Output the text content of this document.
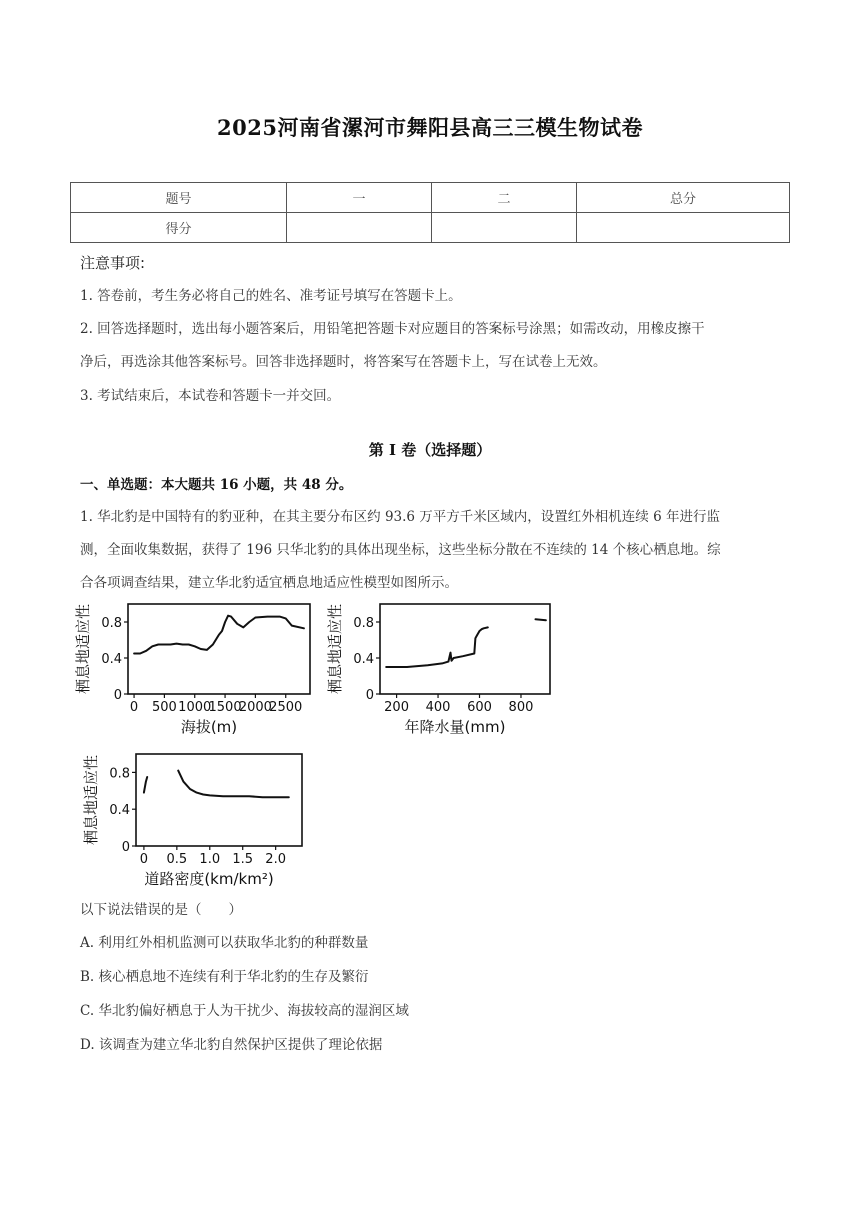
2025河南省漯河市舞阳县高三三模生物试卷
题号	一	二	总分
得分			
注意事项:
1. 答卷前，考生务必将自己的姓名、准考证号填写在答题卡上。
2. 回答选择题时，选出每小题答案后，用铅笔把答题卡对应题目的答案标号涂黑；如需改动，用橡皮擦干
净后，再选涂其他答案标号。回答非选择题时，将答案写在答题卡上，写在试卷上无效。
3. 考试结束后，本试卷和答题卡一并交回。
第 I 卷（选择题）
一、单选题：本大题共 16 小题，共 48 分。
1. 华北豹是中国特有的豹亚种，在其主要分布区约 93.6 万平方千米区域内，设置红外相机连续 6 年进行监
测，全面收集数据，获得了 196 只华北豹的具体出现坐标，这些坐标分散在不连续的 14 个核心栖息地。综
合各项调查结果，建立华北豹适宜栖息地适应性模型如图所示。
0 500 1000
1500
2000
2500
0
0.4
0.8
栖息地适应性
海拔(m)
200 400 600 800
0
0.4
0.8
栖息地适应性
年降水量(mm)
0 0.5 1.0 1.5 2.0
0
0.4
0.8
栖息地适应性
道路密度(km/km²)
以下说法错误的是（　　）
A. 利用红外相机监测可以获取华北豹的种群数量
B. 核心栖息地不连续有利于华北豹的生存及繁衍
C. 华北豹偏好栖息于人为干扰少、海拔较高的湿润区域
D. 该调查为建立华北豹自然保护区提供了理论依据
